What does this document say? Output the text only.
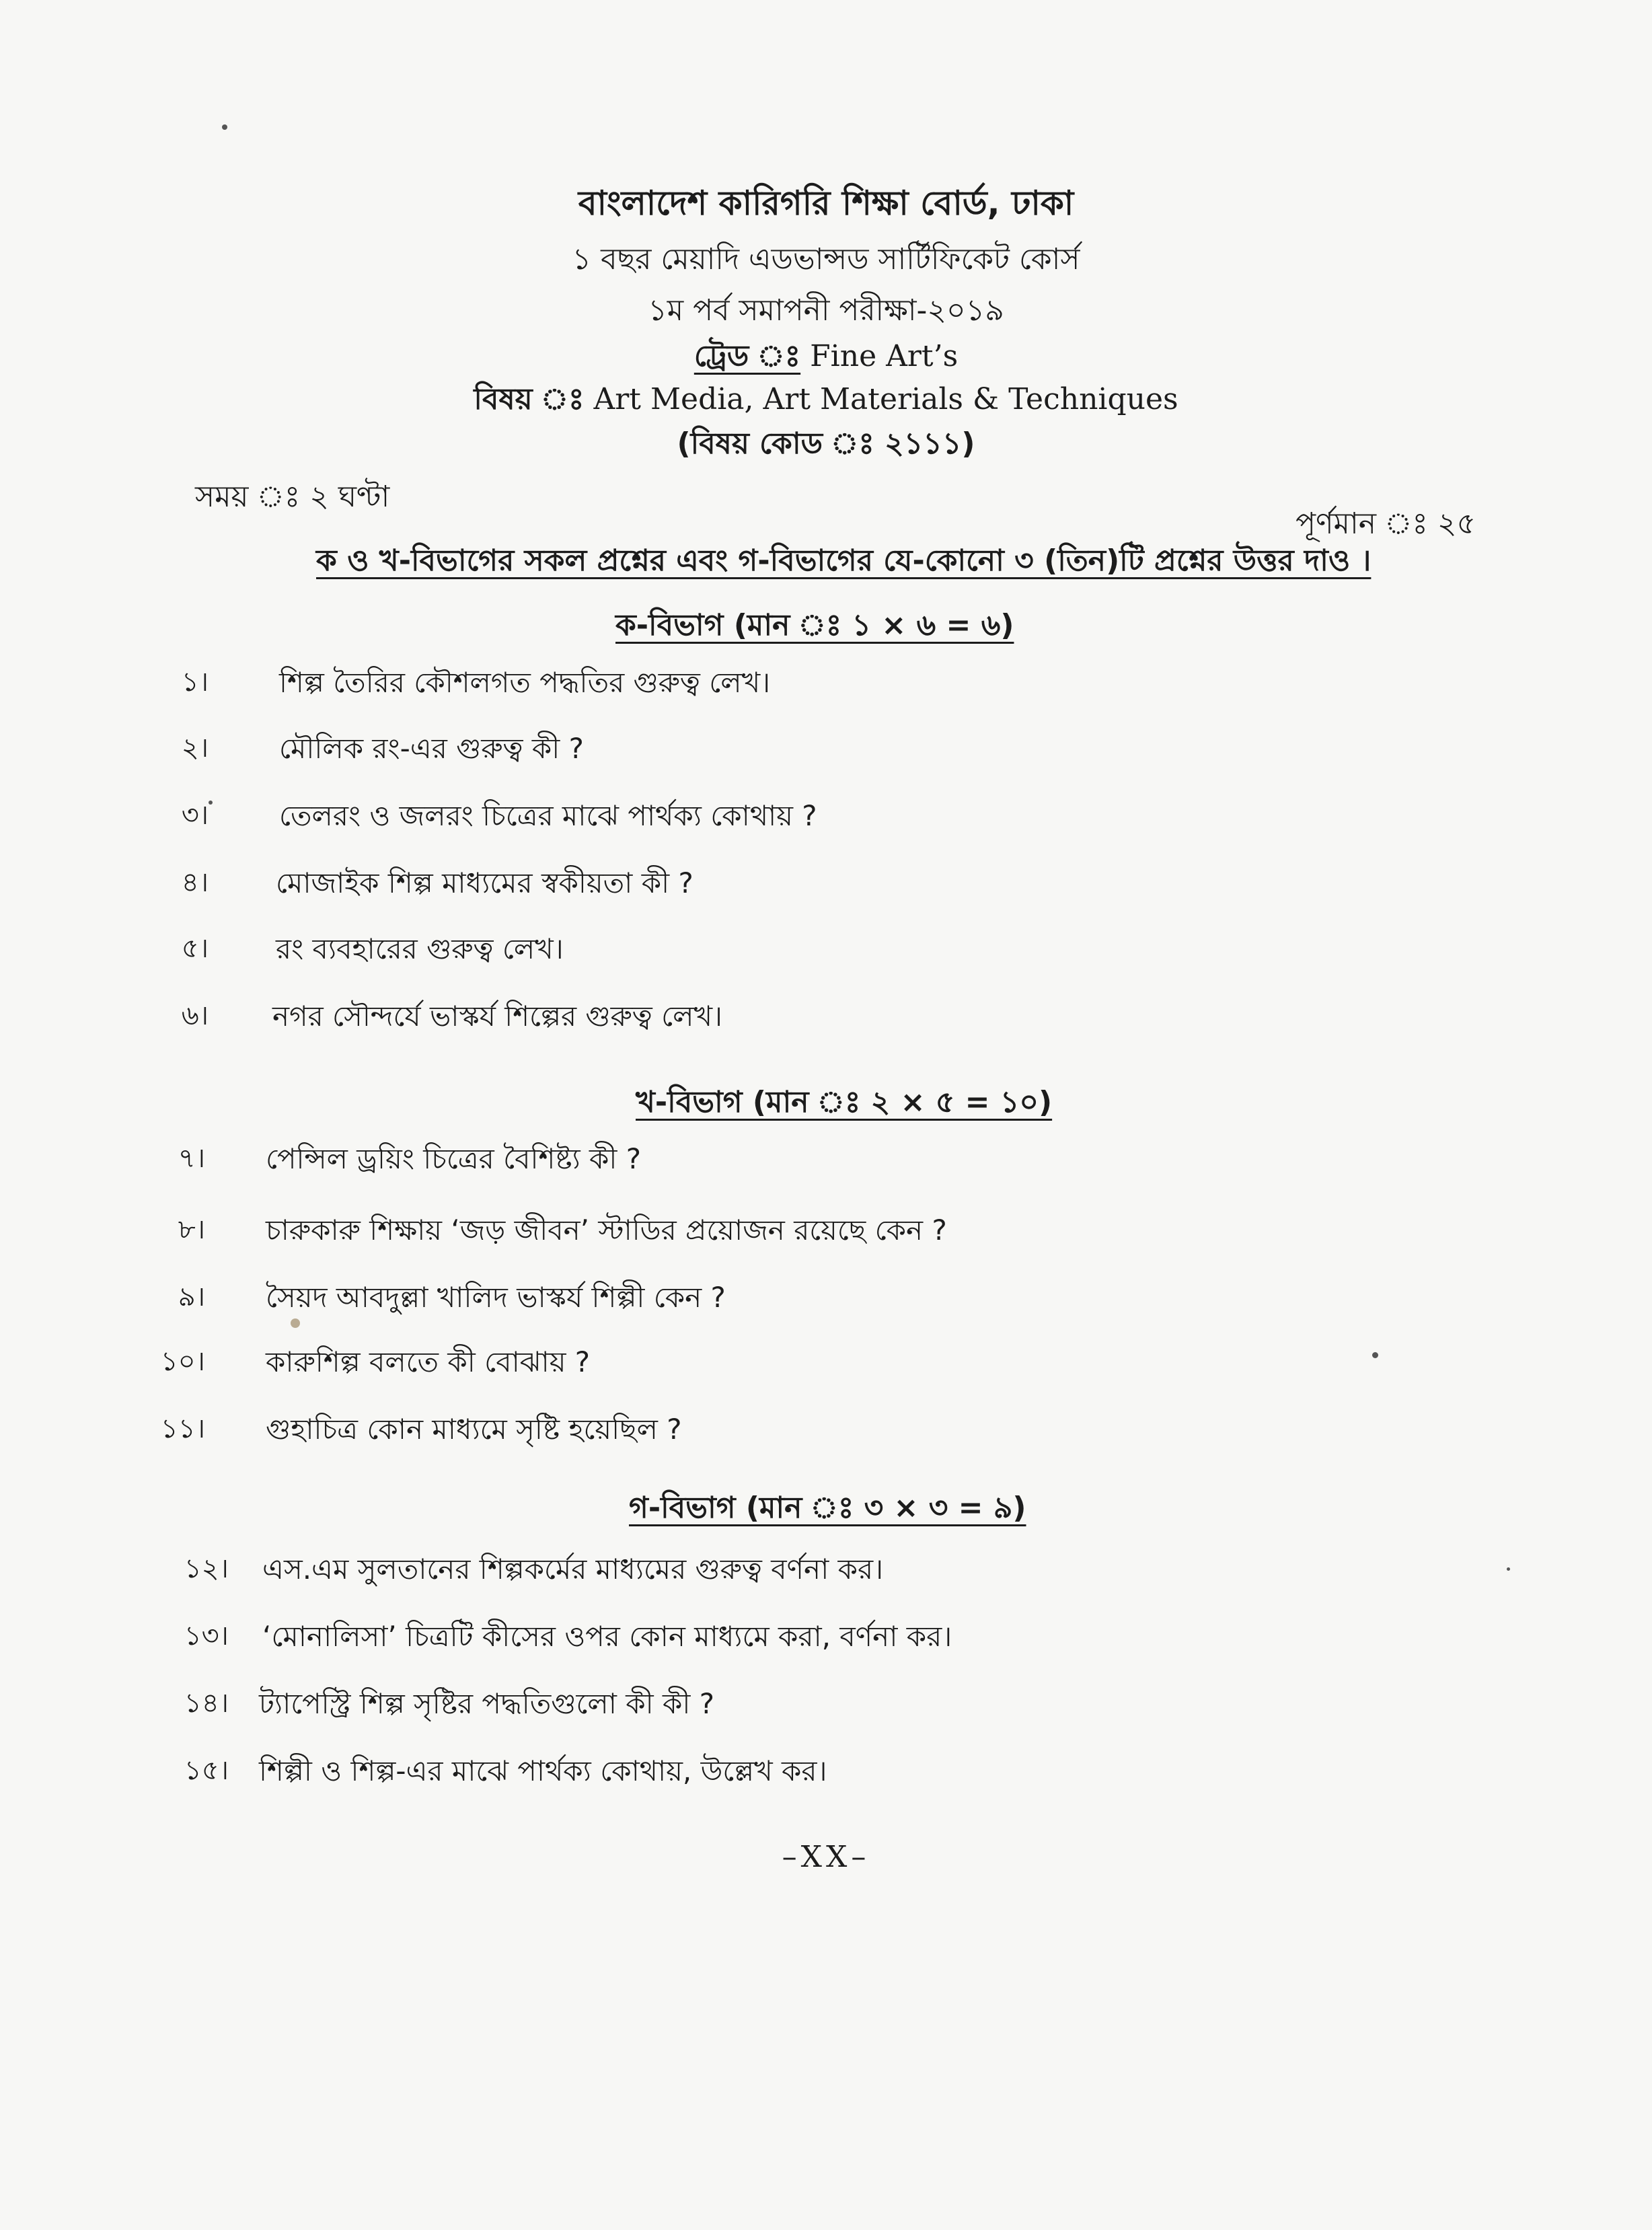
বাংলাদেশ কারিগরি শিক্ষা বোর্ড, ঢাকা
১ বছর মেয়াদি এডভান্সড সার্টিফিকেট কোর্স
১ম পর্ব সমাপনী পরীক্ষা-২০১৯
ট্রেড ঃ Fine Art’s
বিষয় ঃ Art Media, Art Materials & Techniques
(বিষয় কোড ঃ ২১১১)
সময় ঃ ২ ঘণ্টা
পূর্ণমান ঃ ২৫
ক ও খ-বিভাগের সকল প্রশ্নের এবং গ-বিভাগের যে-কোনো ৩ (তিন)টি প্রশ্নের উত্তর দাও ।
ক-বিভাগ (মান ঃ ১ × ৬ = ৬)
১।	শিল্প তৈরির কৌশলগত পদ্ধতির গুরুত্ব লেখ।
২।	মৌলিক রং-এর গুরুত্ব কী ?
৩।	তেলরং ও জলরং চিত্রের মাঝে পার্থক্য কোথায় ?
৪। মোজাইক শিল্প মাধ্যমের স্বকীয়তা কী ?
৫। রং ব্যবহারের গুরুত্ব লেখ।
৬। নগর সৌন্দর্যে ভাস্কর্য শিল্পের গুরুত্ব লেখ।
খ-বিভাগ (মান ঃ ২ × ৫ = ১০)
৭। পেন্সিল ড্রয়িং চিত্রের বৈশিষ্ট্য কী ?
৮। চারুকারু শিক্ষায় ‘জড় জীবন’ স্টাডির প্রয়োজন রয়েছে কেন ?
৯। সৈয়দ আবদুল্লা খালিদ ভাস্কর্য শিল্পী কেন ?
১০। কারুশিল্প বলতে কী বোঝায় ?
১১। গুহাচিত্র কোন মাধ্যমে সৃষ্টি হয়েছিল ?
গ-বিভাগ (মান ঃ ৩ × ৩ = ৯)
১২। এস.এম সুলতানের শিল্পকর্মের মাধ্যমের গুরুত্ব বর্ণনা কর।
১৩। ‘মোনালিসা’ চিত্রটি কীসের ওপর কোন মাধ্যমে করা, বর্ণনা কর।
১৪। ট্যাপেস্ট্রি শিল্প সৃষ্টির পদ্ধতিগুলো কী কী ?
১৫। শিল্পী ও শিল্প-এর মাঝে পার্থক্য কোথায়, উল্লেখ কর।
–XX–
